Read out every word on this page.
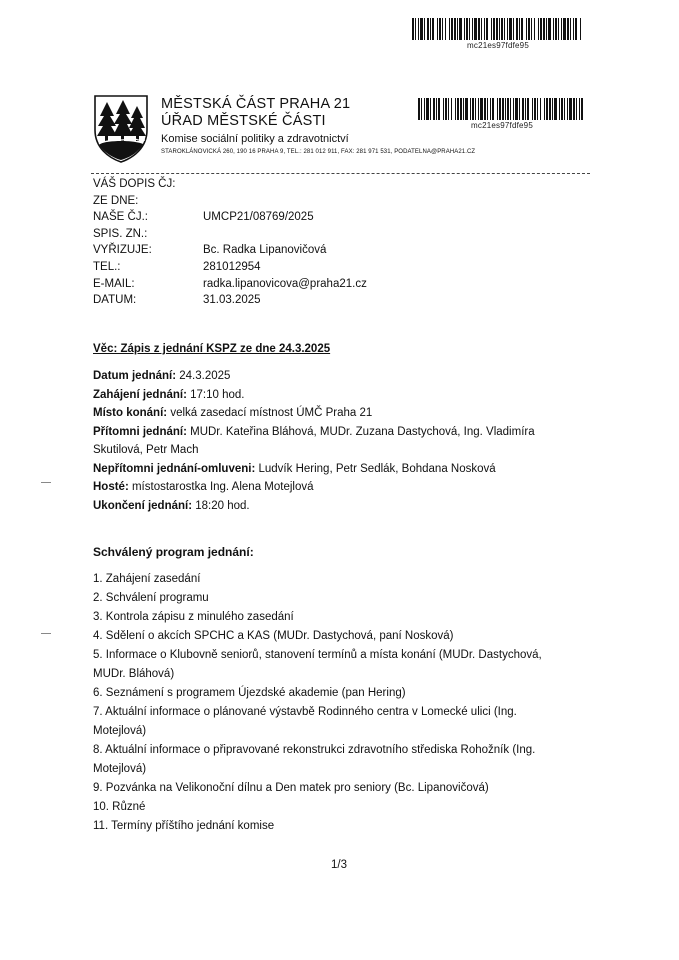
mc21es97fdfe95
MĚSTSKÁ ČÁST PRAHA 21
ÚŘAD MĚSTSKÉ ČÁSTI
Komise sociální politiky a zdravotnictví
STAROKLÁNOVICKÁ 260, 190 16 PRAHA 9, TEL.: 281 012 911, FAX: 281 971 531, PODATELNA@PRAHA21.CZ
mc21es97fdfe95
VÁŠ DOPIS ČJ:
ZE DNE:
NAŠE ČJ.:	UMCP21/08769/2025
SPIS. ZN.:
VYŘIZUJE:	Bc. Radka Lipanovičová
TEL.:	281012954
E-MAIL:	radka.lipanovicova@praha21.cz
DATUM:	31.03.2025
Věc: Zápis z jednání KSPZ ze dne 24.3.2025
Datum jednání: 24.3.2025
Zahájení jednání: 17:10 hod.
Místo konání: velká zasedací místnost ÚMČ Praha 21
Přítomni jednání: MUDr. Kateřina Bláhová, MUDr. Zuzana Dastychová, Ing. Vladimíra
Skutilová, Petr Mach
Nepřítomni jednání-omluveni: Ludvík Hering, Petr Sedlák, Bohdana Nosková
Hosté: místostarostka Ing. Alena Motejlová
Ukončení jednání: 18:20 hod.
Schválený program jednání:
1. Zahájení zasedání
2. Schválení programu
3. Kontrola zápisu z minulého zasedání
4. Sdělení o akcích SPCHC a KAS (MUDr. Dastychová, paní Nosková)
5. Informace o Klubovně seniorů, stanovení termínů a místa konání (MUDr. Dastychová,
MUDr. Bláhová)
6. Seznámení s programem Újezdské akademie (pan Hering)
7. Aktuální informace o plánované výstavbě Rodinného centra v Lomecké ulici (Ing.
Motejlová)
8. Aktuální informace o připravované rekonstrukci zdravotního střediska Rohožník (Ing.
Motejlová)
9. Pozvánka na Velikonoční dílnu a Den matek pro seniory (Bc. Lipanovičová)
10. Různé
11. Termíny příštího jednání komise
1/3
